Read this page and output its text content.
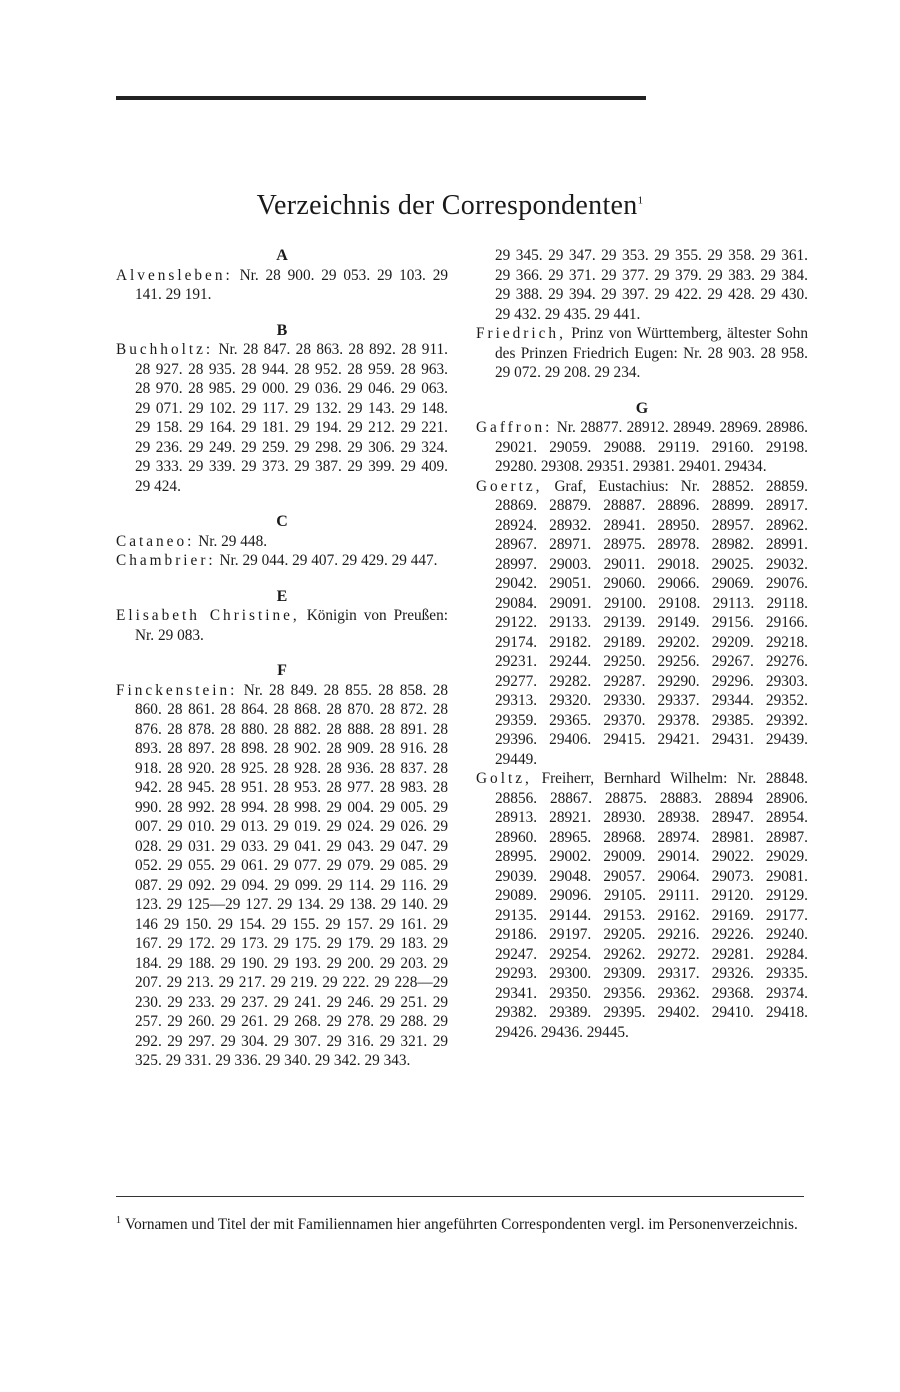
Verzeichnis der Correspondenten$^1$

A

Alvensleben: Nr. 28 900. 29 053. 29 103. 29 141. 29 191.

B

Buchholtz: Nr. 28 847. 28 863. 28 892. 28 911. 28 927. 28 935. 28 944. 28 952. 28 959. 28 963. 28 970. 28 985. 29 000. 29 036. 29 046. 29 063. 29 071. 29 102. 29 117. 29 132. 29 143. 29 148. 29 158. 29 164. 29 181. 29 194. 29 212. 29 221. 29 236. 29 249. 29 259. 29 298. 29 306. 29 324. 29 333. 29 339. 29 373. 29 387. 29 399. 29 409. 29 424.

C

Cataneo: Nr. 29 448.

Chambrier: Nr. 29 044. 29 407. 29 429. 29 447.

E

Elisabeth Christine, Königin von Preußen: Nr. 29 083.

F

Finckenstein: Nr. 28 849. 28 855. 28 858. 28 860. 28 861. 28 864. 28 868. 28 870. 28 872. 28 876. 28 878. 28 880. 28 882. 28 888. 28 891. 28 893. 28 897. 28 898. 28 902. 28 909. 28 916. 28 918. 28 920. 28 925. 28 928. 28 936. 28 837. 28 942. 28 945. 28 951. 28 953. 28 977. 28 983. 28 990. 28 992. 28 994. 28 998. 29 004. 29 005. 29 007. 29 010. 29 013. 29 019. 29 024. 29 026. 29 028. 29 031. 29 033. 29 041. 29 043. 29 047. 29 052. 29 055. 29 061. 29 077. 29 079. 29 085. 29 087. 29 092. 29 094. 29 099. 29 114. 29 116. 29 123. 29 125—29 127. 29 134. 29 138. 29 140. 29 146 29 150. 29 154. 29 155. 29 157. 29 161. 29 167. 29 172. 29 173. 29 175. 29 179. 29 183. 29 184. 29 188. 29 190. 29 193. 29 200. 29 203. 29 207. 29 213. 29 217. 29 219. 29 222. 29 228—29 230. 29 233. 29 237. 29 241. 29 246. 29 251. 29 257. 29 260. 29 261. 29 268. 29 278. 29 288. 29 292. 29 297. 29 304. 29 307. 29 316. 29 321. 29 325. 29 331. 29 336. 29 340. 29 342. 29 343.

29 345. 29 347. 29 353. 29 355. 29 358. 29 361. 29 366. 29 371. 29 377. 29 379. 29 383. 29 384. 29 388. 29 394. 29 397. 29 422. 29 428. 29 430. 29 432. 29 435. 29 441.

Friedrich, Prinz von Württemberg, ältester Sohn des Prinzen Friedrich Eugen: Nr. 28 903. 28 958. 29 072. 29 208. 29 234.

G

Gaffron: Nr. 28877. 28912. 28949. 28969. 28986. 29021. 29059. 29088. 29119. 29160. 29198. 29280. 29308. 29351. 29381. 29401. 29434.

Goertz, Graf, Eustachius: Nr. 28852. 28859. 28869. 28879. 28887. 28896. 28899. 28917. 28924. 28932. 28941. 28950. 28957. 28962. 28967. 28971. 28975. 28978. 28982. 28991. 28997. 29003. 29011. 29018. 29025. 29032. 29042. 29051. 29060. 29066. 29069. 29076. 29084. 29091. 29100. 29108. 29113. 29118. 29122. 29133. 29139. 29149. 29156. 29166. 29174. 29182. 29189. 29202. 29209. 29218. 29231. 29244. 29250. 29256. 29267. 29276. 29277. 29282. 29287. 29290. 29296. 29303. 29313. 29320. 29330. 29337. 29344. 29352. 29359. 29365. 29370. 29378. 29385. 29392. 29396. 29406. 29415. 29421. 29431. 29439. 29449.

Goltz, Freiherr, Bernhard Wilhelm: Nr. 28848. 28856. 28867. 28875. 28883. 28894 28906. 28913. 28921. 28930. 28938. 28947. 28954. 28960. 28965. 28968. 28974. 28981. 28987. 28995. 29002. 29009. 29014. 29022. 29029. 29039. 29048. 29057. 29064. 29073. 29081. 29089. 29096. 29105. 29111. 29120. 29129. 29135. 29144. 29153. 29162. 29169. 29177. 29186. 29197. 29205. 29216. 29226. 29240. 29247. 29254. 29262. 29272. 29281. 29284. 29293. 29300. 29309. 29317. 29326. 29335. 29341. 29350. 29356. 29362. 29368. 29374. 29382. 29389. 29395. 29402. 29410. 29418. 29426. 29436. 29445.

$^1$ Vornamen und Titel der mit Familiennamen hier angeführten Correspondenten vergl. im Personenverzeichnis.
